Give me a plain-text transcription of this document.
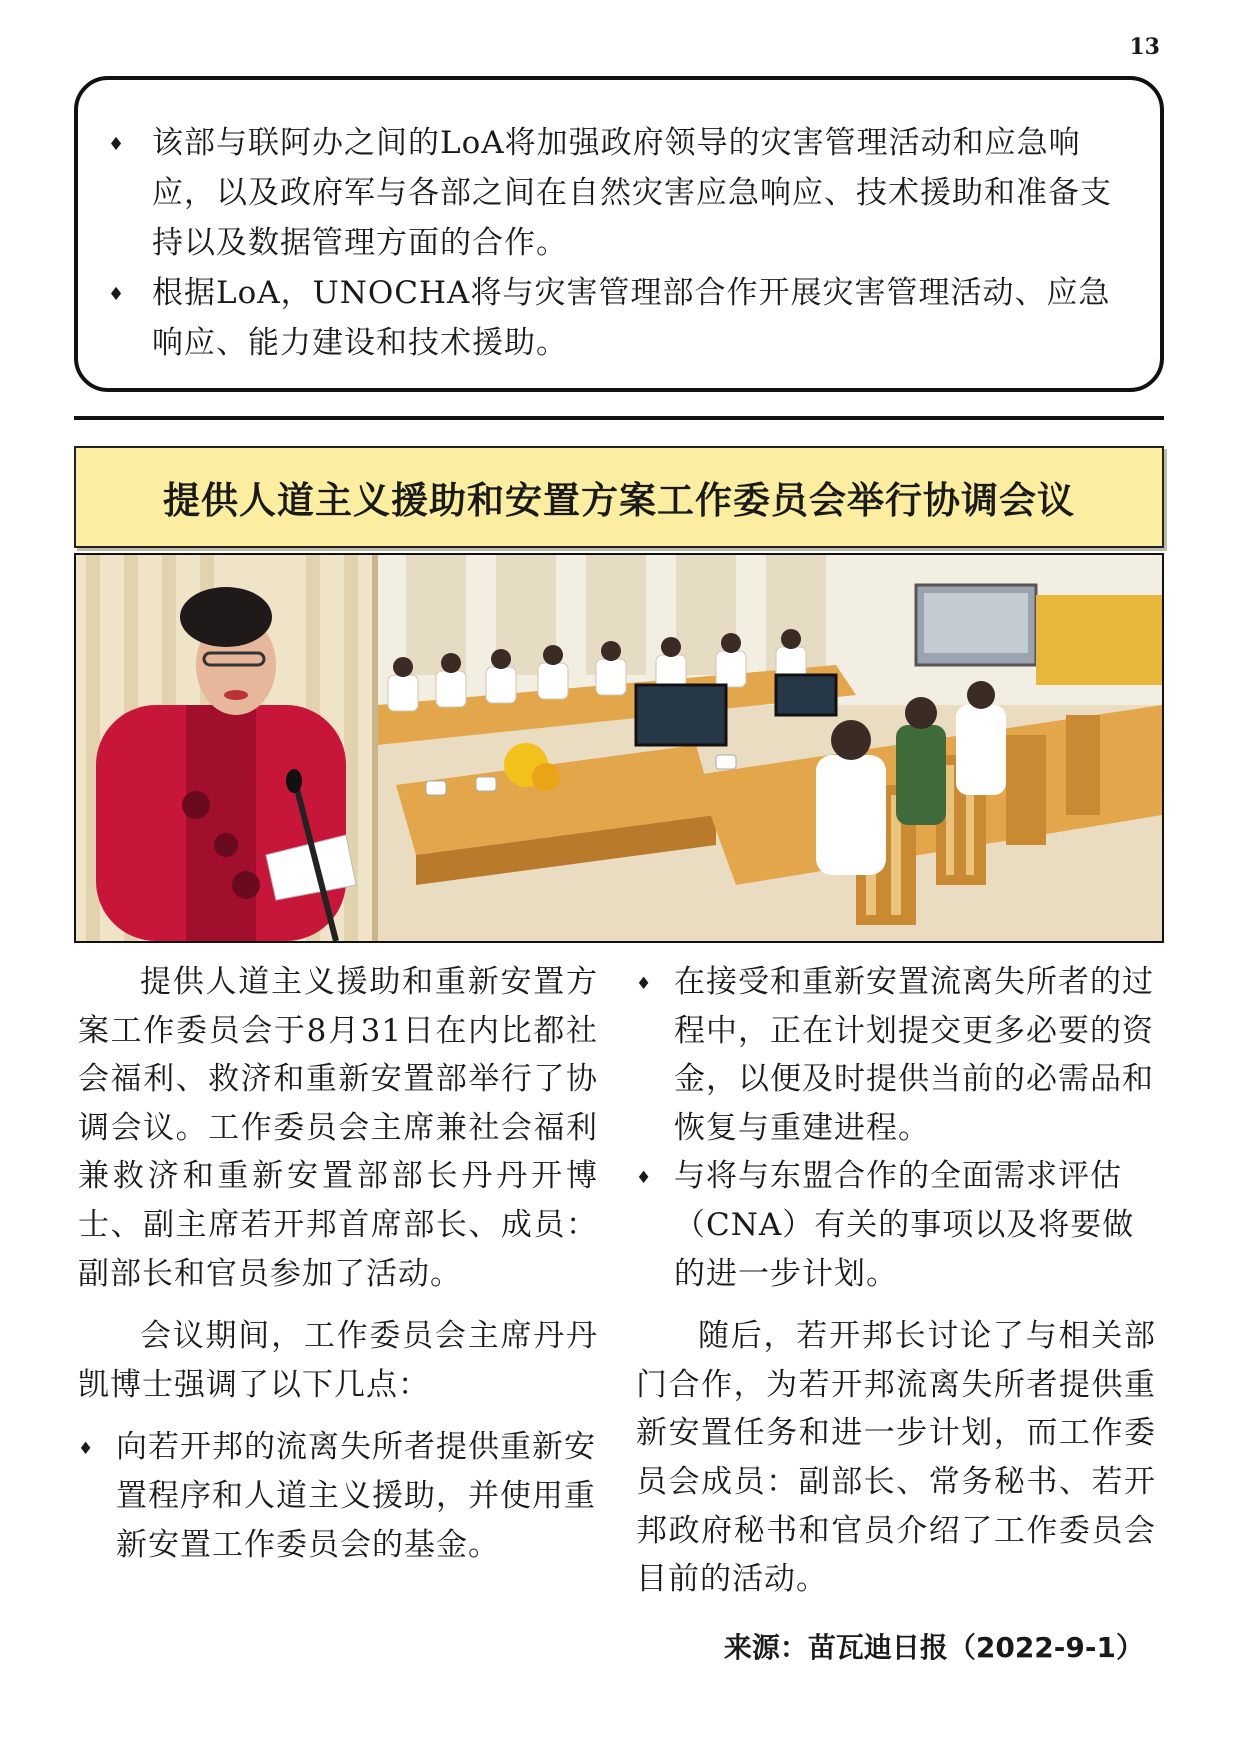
13
♦ 该部与联阿办之间的LoA将加强政府领导的灾害管理活动和应急响应，以及政府军与各部之间在自然灾害应急响应、技术援助和准备支持以及数据管理方面的合作。
♦ 根据LoA，UNOCHA将与灾害管理部合作开展灾害管理活动、应急响应、能力建设和技术援助。
提供人道主义援助和安置方案工作委员会举行协调会议

提供人道主义援助和重新安置方案工作委员会于8月31日在内比都社会福利、救济和重新安置部举行了协调会议。工作委员会主席兼社会福利兼救济和重新安置部部长丹丹开博士、副主席若开邦首席部长、成员：副部长和官员参加了活动。

会议期间，工作委员会主席丹丹凯博士强调了以下几点：

♦ 向若开邦的流离失所者提供重新安置程序和人道主义援助，并使用重新安置工作委员会的基金。
♦ 在接受和重新安置流离失所者的过程中，正在计划提交更多必要的资金，以便及时提供当前的必需品和恢复与重建进程。
♦ 与将与东盟合作的全面需求评估（CNA）有关的事项以及将要做的进一步计划。

随后，若开邦长讨论了与相关部门合作，为若开邦流离失所者提供重新安置任务和进一步计划，而工作委员会成员：副部长、常务秘书、若开邦政府秘书和官员介绍了工作委员会目前的活动。

来源：苗瓦迪日报（2022-9-1）
